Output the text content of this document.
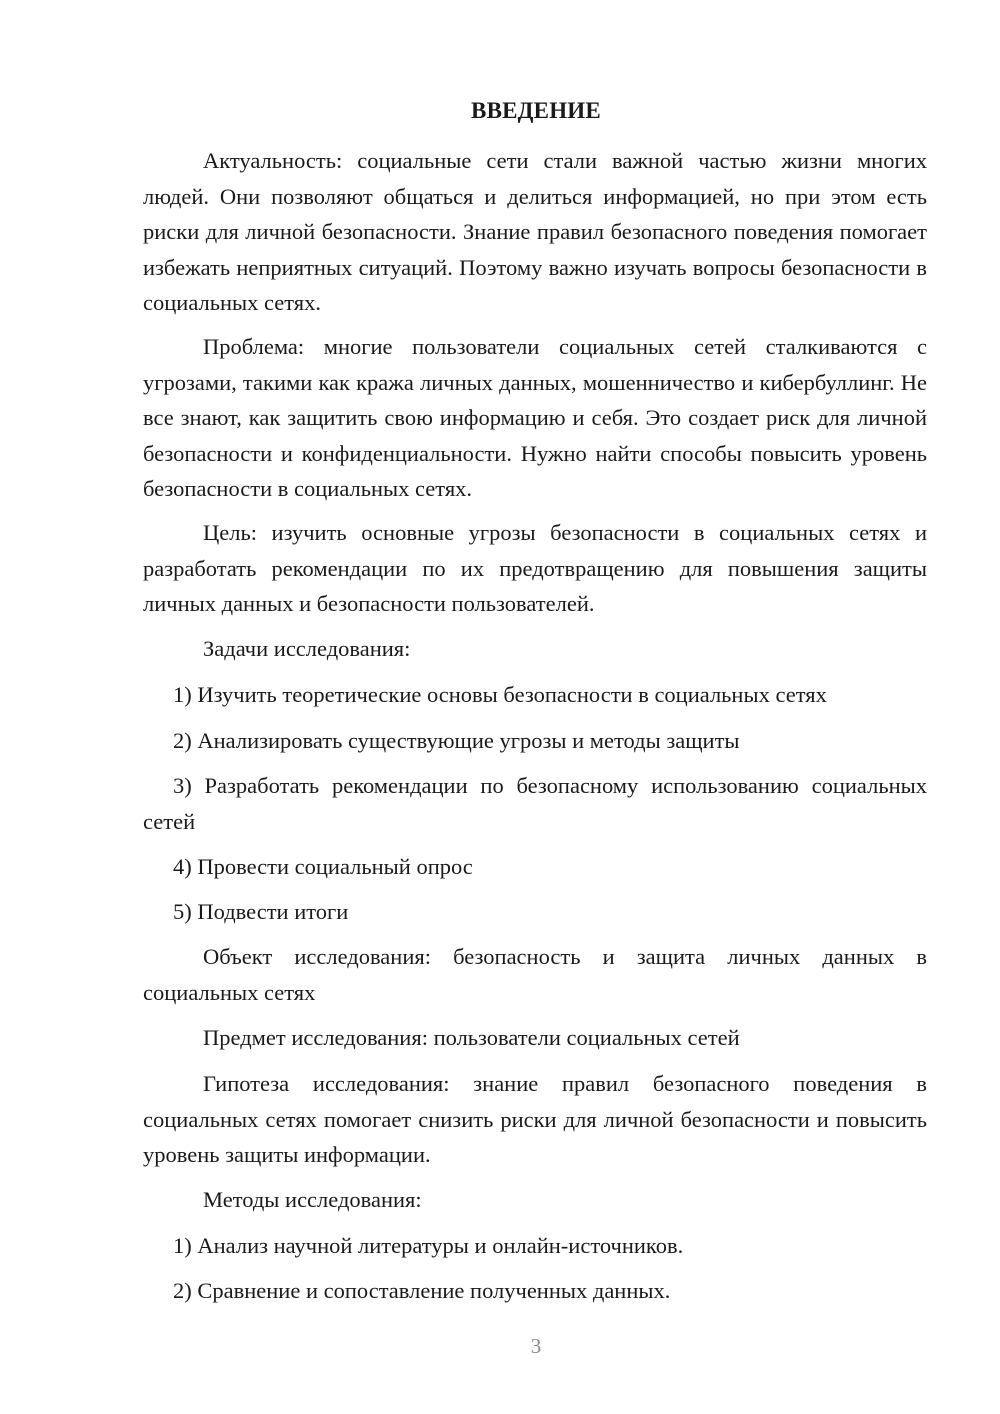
ВВЕДЕНИЕ

Актуальность: социальные сети стали важной частью жизни многих людей. Они позволяют общаться и делиться информацией, но при этом есть риски для личной безопасности. Знание правил безопасного поведения помогает избежать неприятных ситуаций. Поэтому важно изучать вопросы безопасности в социальных сетях.

Проблема: многие пользователи социальных сетей сталкиваются с угрозами, такими как кража личных данных, мошенничество и кибербуллинг. Не все знают, как защитить свою информацию и себя. Это создает риск для личной безопасности и конфиденциальности. Нужно найти способы повысить уровень безопасности в социальных сетях.

Цель: изучить основные угрозы безопасности в социальных сетях и разработать рекомендации по их предотвращению для повышения защиты личных данных и безопасности пользователей.

Задачи исследования:

1) Изучить теоретические основы безопасности в социальных сетях

2) Анализировать существующие угрозы и методы защиты

3) Разработать рекомендации по безопасному использованию социальных сетей

4) Провести социальный опрос

5) Подвести итоги

Объект исследования: безопасность и защита личных данных в социальных сетях

Предмет исследования: пользователи социальных сетей

Гипотеза исследования: знание правил безопасного поведения в социальных сетях помогает снизить риски для личной безопасности и повысить уровень защиты информации.

Методы исследования:

1) Анализ научной литературы и онлайн-источников.

2) Сравнение и сопоставление полученных данных.

3
